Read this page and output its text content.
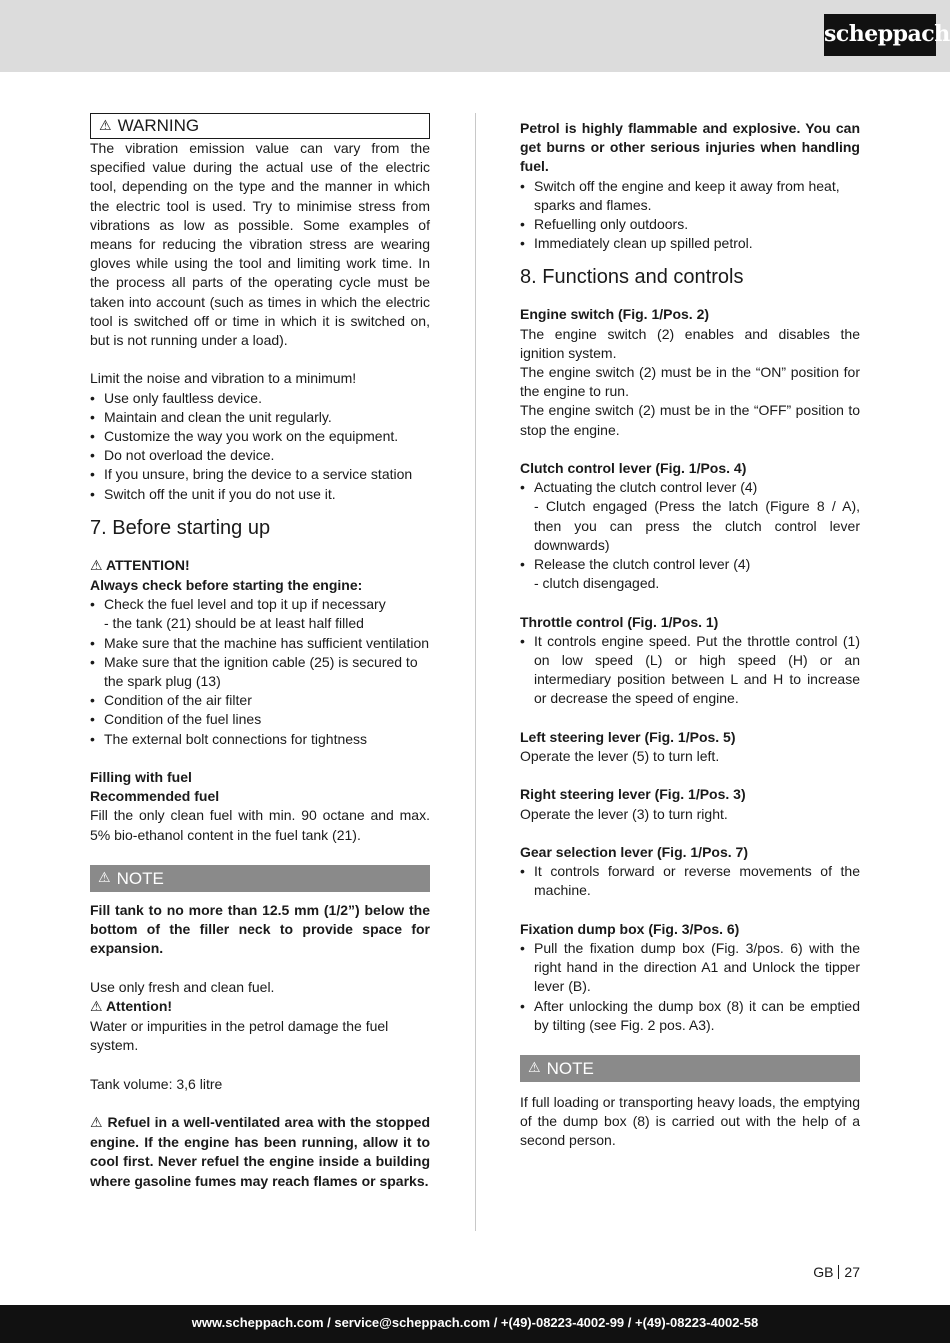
scheppach
⚠ WARNING

The vibration emission value can vary from the specified value during the actual use of the electric tool, depending on the type and the manner in which the electric tool is used. Try to minimise stress from vibrations as low as possible. Some examples of means for reducing the vibration stress are wearing gloves while using the tool and limiting work time. In the process all parts of the operating cycle must be taken into account (such as times in which the electric tool is switched off or time in which it is switched on, but is not running under a load).

Limit the noise and vibration to a minimum!

• Use only faultless device.
• Maintain and clean the unit regularly.
• Customize the way you work on the equipment.
• Do not overload the device.
• If you unsure, bring the device to a service station
• Switch off the unit if you do not use it.
7. Before starting up

⚠ ATTENTION!

Always check before starting the engine:

• Check the fuel level and top it up if necessary
- the tank (21) should be at least half filled
• Make sure that the machine has sufficient ventilation
• Make sure that the ignition cable (25) is secured to the spark plug (13)
• Condition of the air filter
• Condition of the fuel lines
• The external bolt connections for tightness

Filling with fuel

Recommended fuel

Fill the only clean fuel with min. 90 octane and max. 5% bio-ethanol content in the fuel tank (21).

⚠ NOTE

Fill tank to no more than 12.5 mm (1/2”) below the bottom of the filler neck to provide space for expansion.

Use only fresh and clean fuel.

⚠ Attention!

Water or impurities in the petrol damage the fuel system.

Tank volume: 3,6 litre

⚠ Refuel in a well-ventilated area with the stopped engine. If the engine has been running, allow it to cool first. Never refuel the engine inside a building where gasoline fumes may reach flames or sparks.

Petrol is highly flammable and explosive. You can get burns or other serious injuries when handling fuel.

• Switch off the engine and keep it away from heat, sparks and flames.
• Refuelling only outdoors.
• Immediately clean up spilled petrol.
8. Functions and controls

Engine switch (Fig. 1/Pos. 2)

The engine switch (2) enables and disables the ignition system.

The engine switch (2) must be in the “ON” position for the engine to run.

The engine switch (2) must be in the “OFF” position to stop the engine.

Clutch control lever (Fig. 1/Pos. 4)

• Actuating the clutch control lever (4)

- Clutch engaged (Press the latch (Figure 8 / A), then you can press the clutch control lever downwards)
• Release the clutch control lever (4)
- clutch disengaged.

Throttle control (Fig. 1/Pos. 1)

• It controls engine speed. Put the throttle control (1) on low speed (L) or high speed (H) or an intermediary position between L and H to increase or decrease the speed of engine.

Left steering lever (Fig. 1/Pos. 5)

Operate the lever (5) to turn left.

Right steering lever (Fig. 1/Pos. 3)

Operate the lever (3) to turn right.

Gear selection lever (Fig. 1/Pos. 7)

• It controls forward or reverse movements of the machine.

Fixation dump box (Fig. 3/Pos. 6)

• Pull the fixation dump box (Fig. 3/pos. 6) with the right hand in the direction A1 and Unlock the tipper lever (B).
• After unlocking the dump box (8) it can be emptied by tilting (see Fig. 2 pos. A3).
⚠ NOTE

If full loading or transporting heavy loads, the emptying of the dump box (8) is carried out with the help of a second person.

GB 27
www.scheppach.com / service@scheppach.com / +(49)-08223-4002-99 / +(49)-08223-4002-58
